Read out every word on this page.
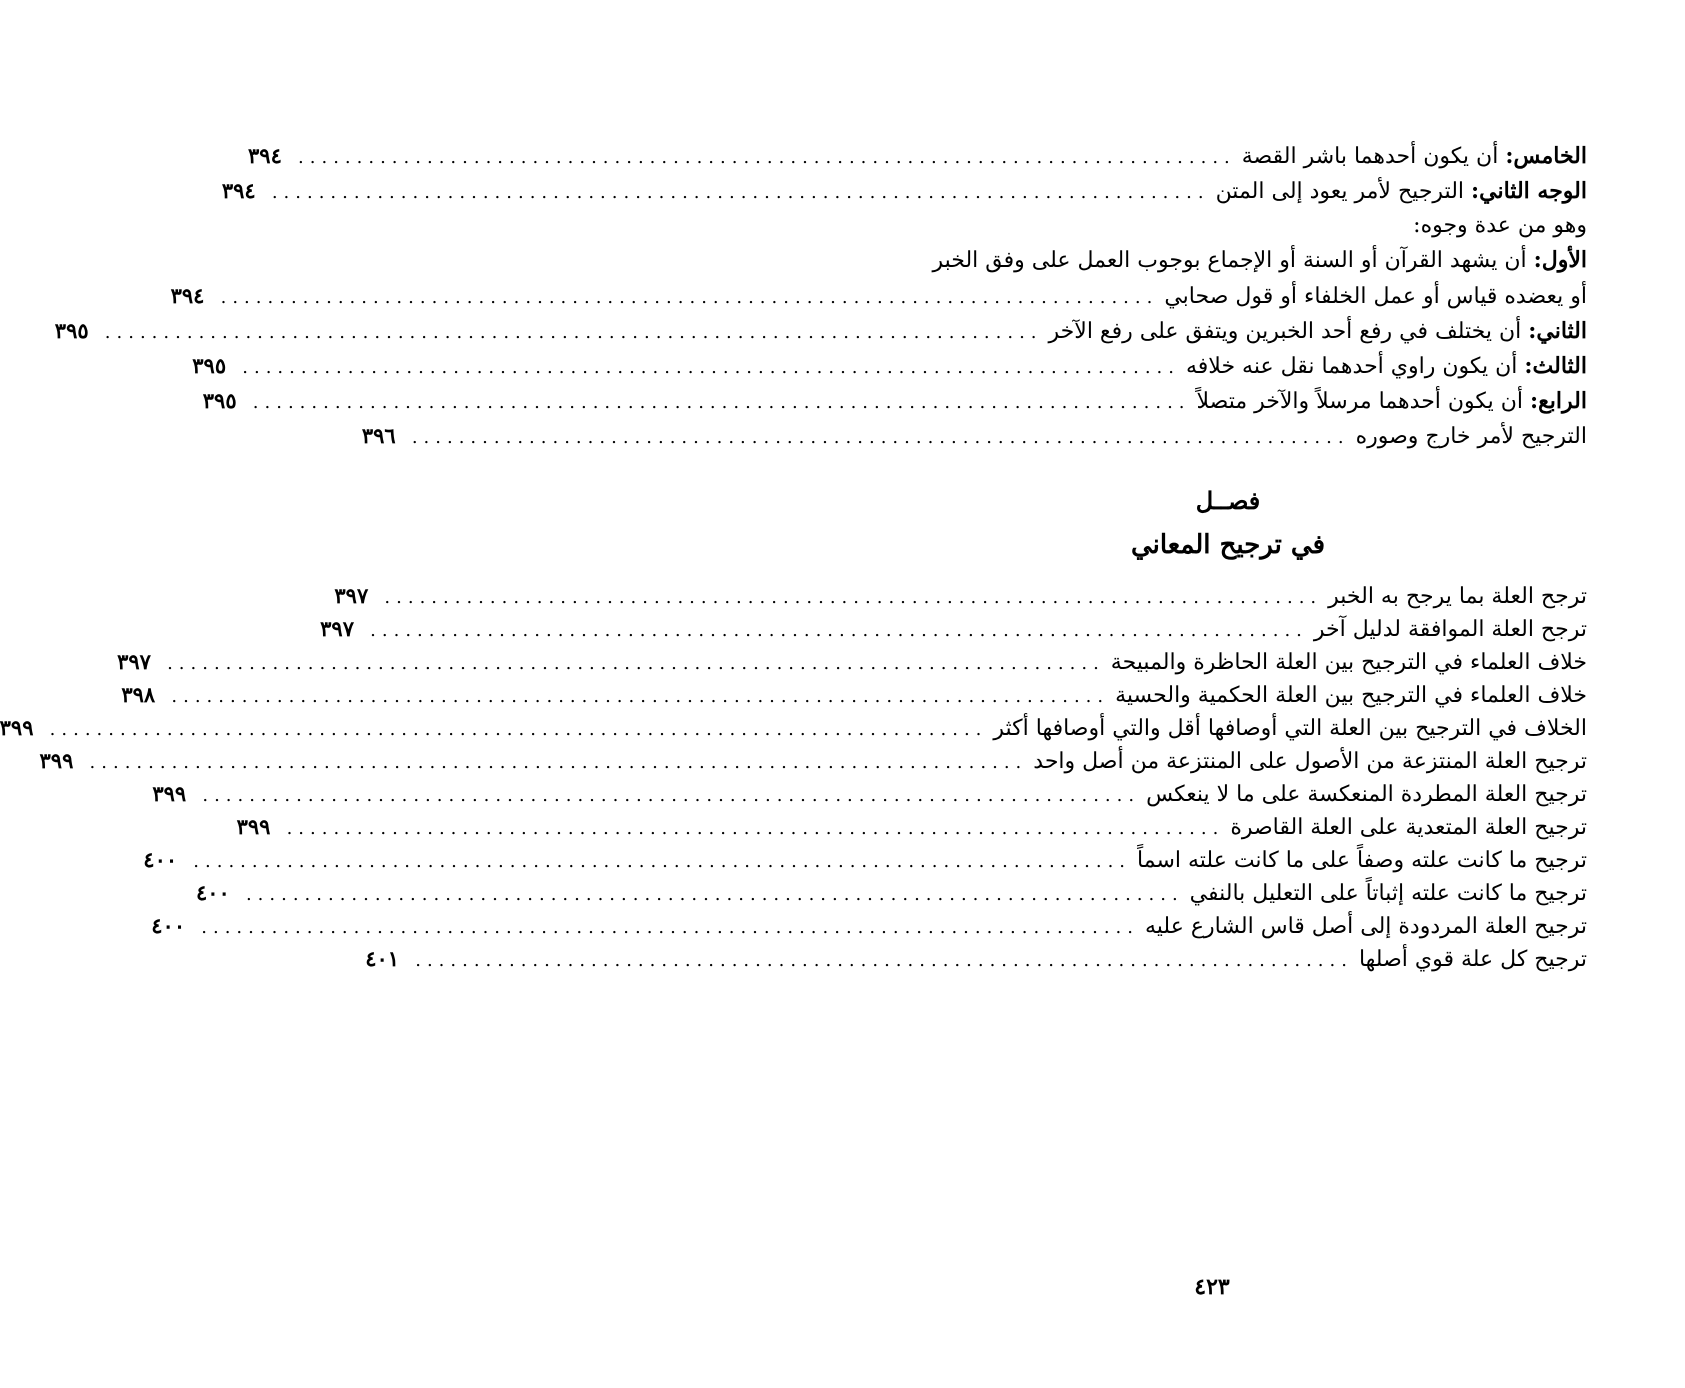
الخامس: أن يكون أحدهما باشر القصة
................................................................................
٣٩٤
الوجه الثاني: الترجيح لأمر يعود إلى المتن
................................................................................
٣٩٤
وهو من عدة وجوه:
الأول: أن يشهد القرآن أو السنة أو الإجماع بوجوب العمل على وفق الخبر
أو يعضده قياس أو عمل الخلفاء أو قول صحابي
................................................................................
٣٩٤
الثاني: أن يختلف في رفع أحد الخبرين ويتفق على رفع الآخر
................................................................................
٣٩٥
الثالث: أن يكون راوي أحدهما نقل عنه خلافه
................................................................................
٣٩٥
الرابع: أن يكون أحدهما مرسلاً والآخر متصلاً
................................................................................
٣٩٥
الترجيح لأمر خارج وصوره
................................................................................
٣٩٦
فصــل
في ترجيح المعاني
ترجح العلة بما يرجح به الخبر
................................................................................
٣٩٧
ترجح العلة الموافقة لدليل آخر
................................................................................
٣٩٧
خلاف العلماء في الترجيح بين العلة الحاظرة والمبيحة
................................................................................
٣٩٧
خلاف العلماء في الترجيح بين العلة الحكمية والحسية
................................................................................
٣٩٨
الخلاف في الترجيح بين العلة التي أوصافها أقل والتي أوصافها أكثر
................................................................................
٣٩٩
ترجيح العلة المنتزعة من الأصول على المنتزعة من أصل واحد
................................................................................
٣٩٩
ترجيح العلة المطردة المنعكسة على ما لا ينعكس
................................................................................
٣٩٩
ترجيح العلة المتعدية على العلة القاصرة
................................................................................
٣٩٩
ترجيح ما كانت علته وصفاً على ما كانت علته اسماً
................................................................................
٤٠٠
ترجيح ما كانت علته إثباتاً على التعليل بالنفي
................................................................................
٤٠٠
ترجيح العلة المردودة إلى أصل قاس الشارع عليه
................................................................................
٤٠٠
ترجيح كل علة قوي أصلها
................................................................................
٤٠١
٤٢٣
